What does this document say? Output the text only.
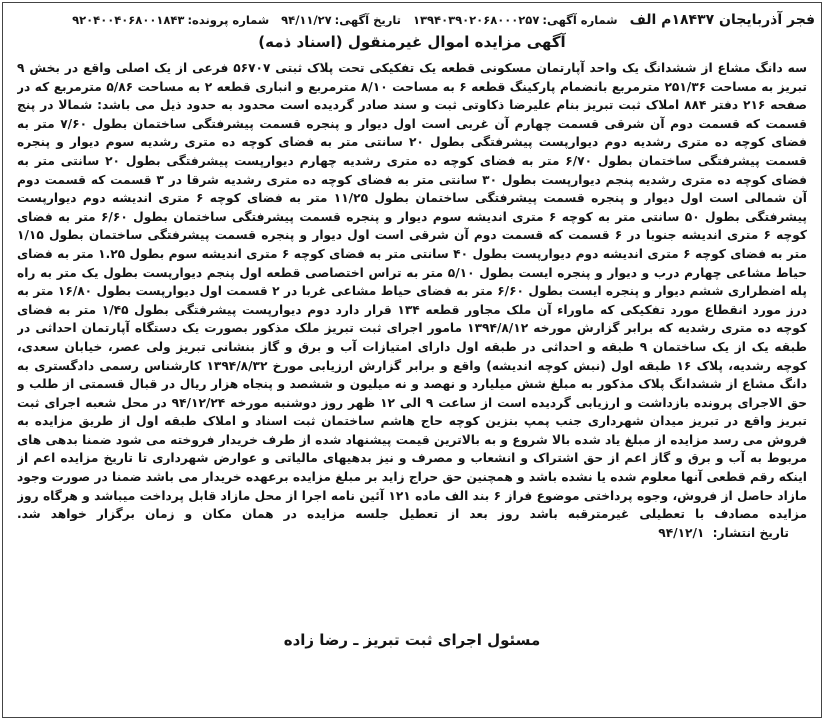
فجر آذربایجان ۱۸۴۳۷م الف
شماره آگهی:
۱۳۹۴۰۳۹۰۲۰۶۸۰۰۰۲۵۷
تاریخ آگهی:
۹۴/۱۱/۲۷
شماره پرونده:
۹۲۰۴۰۰۴۰۶۸۰۰۱۸۴۳
آگهی مزایده اموال غیرمنقول (اسناد ذمه)
سه دانگ مشاع از ششدانگ یک واحد آپارتمان مسکونی قطعه یک تفکیکی تحت پلاک ثبتی ۵۶۷۰۷ فرعی از یک اصلی واقع در بخش ۹ تبریز به مساحت ۲۵۱/۳۶ مترمربع بانضمام پارکینگ قطعه ۶ به مساحت ۸/۱۰ مترمربع و انباری قطعه ۲ به مساحت ۵/۸۶ مترمربع که در صفحه ۲۱۶ دفتر ۸۸۴ املاک ثبت تبریز بنام علیرضا ذکاوتی ثبت و سند صادر گردیده است محدود به حدود ذیل می باشد: شمالا در پنج قسمت که قسمت دوم آن شرقی قسمت چهارم آن غربی است اول دیوار و پنجره قسمت پیشرفتگی ساختمان بطول ۷/۶۰ متر به فضای کوچه ده متری رشدیه دوم دیوارپست پیشرفتگی بطول ۲۰ سانتی متر به فضای کوچه ده متری رشدیه سوم دیوار و پنجره قسمت پیشرفتگی ساختمان بطول ۶/۷۰ متر به فضای کوچه ده متری رشدیه چهارم دیوارپست پیشرفتگی بطول ۲۰ سانتی متر به فضای کوچه ده متری رشدیه پنجم دیوارپست بطول ۳۰ سانتی متر به فضای کوچه ده متری رشدیه شرقا در ۳ قسمت که قسمت دوم آن شمالی است اول دیوار و پنجره قسمت پیشرفتگی ساختمان بطول ۱۱/۲۵ متر به فضای کوچه ۶ متری اندیشه دوم دیوارپست پیشرفتگی بطول ۵۰ سانتی متر به کوچه ۶ متری اندیشه سوم دیوار و پنجره قسمت پیشرفتگی ساختمان بطول ۶/۶۰ متر به فضای کوچه ۶ متری اندیشه جنوبا در ۶ قسمت که قسمت دوم آن شرقی است اول دیوار و پنجره قسمت پیشرفتگی ساختمان بطول ۱/۱۵ متر به فضای کوچه ۶ متری اندیشه دوم دیوارپست بطول ۴۰ سانتی متر به فضای کوچه ۶ متری اندیشه سوم بطول ۱.۲۵ متر به فضای حیاط مشاعی چهارم درب و دیوار و پنجره ایست بطول ۵/۱۰ متر به تراس اختصاصی قطعه اول پنجم دیوارپست بطول یک متر به راه پله اضطراری ششم دیوار و پنجره ایست بطول ۶/۶۰ متر به فضای حیاط مشاعی غربا در ۲ قسمت اول دیوارپست بطول ۱۶/۸۰ متر به درز مورد انقطاع مورد تفکیکی که ماوراء آن ملک مجاور قطعه ۱۳۴ قرار دارد دوم دیوارپست پیشرفتگی بطول ۱/۴۵ متر به فضای کوچه ده متری رشدیه که برابر گزارش مورخه ۱۳۹۴/۸/۱۲ مامور اجرای ثبت تبریز ملک مذکور بصورت یک دستگاه آپارتمان احداثی در طبقه یک از یک ساختمان ۹ طبقه و احداثی در طبقه اول دارای امتیازات آب و برق و گاز بنشانی تبریز ولی عصر، خیابان سعدی، کوچه رشدیه، پلاک ۱۶ طبقه اول (نبش کوچه اندیشه) واقع و برابر گزارش ارزیابی مورخ ۱۳۹۴/۸/۳۲ کارشناس رسمی دادگستری به دانگ مشاع از ششدانگ پلاک مذکور به مبلغ شش میلیارد و نهصد و نه میلیون و ششصد و پنجاه هزار ریال در قبال قسمتی از طلب و حق الاجرای پرونده بازداشت و ارزیابی گردیده است از ساعت ۹ الی ۱۲ ظهر روز دوشنبه مورخه ۹۴/۱۲/۲۴ در محل شعبه اجرای ثبت تبریز واقع در تبریز میدان شهرداری جنب پمپ بنزین کوچه حاج هاشم ساختمان ثبت اسناد و املاک طبقه اول از طریق مزایده به فروش می رسد مزایده از مبلغ یاد شده بالا شروع و به بالاترین قیمت پیشنهاد شده از طرف خریدار فروخته می شود ضمنا بدهی های مربوط به آب و برق و گاز اعم از حق اشتراک و انشعاب و مصرف و نیز بدهیهای مالیاتی و عوارض شهرداری تا تاریخ مزایده اعم از اینکه رقم قطعی آنها معلوم شده یا نشده باشد و همچنین حق حراج زاید بر مبلغ مزایده برعهده خریدار می باشد ضمنا در صورت وجود مازاد حاصل از فروش، وجوه پرداختی موضوع فراز ۶ بند الف ماده ۱۲۱ آئین نامه اجرا از محل مازاد قابل پرداخت میباشد و هرگاه روز مزایده مصادف با تعطیلی غیرمترقبه باشد روز بعد از تعطیل جلسه مزایده در همان مکان و زمان برگزار خواهد شد. تاریخ انتشار: ۹۴/۱۲/۱
مسئول اجرای ثبت تبریز ـ رضا زاده
